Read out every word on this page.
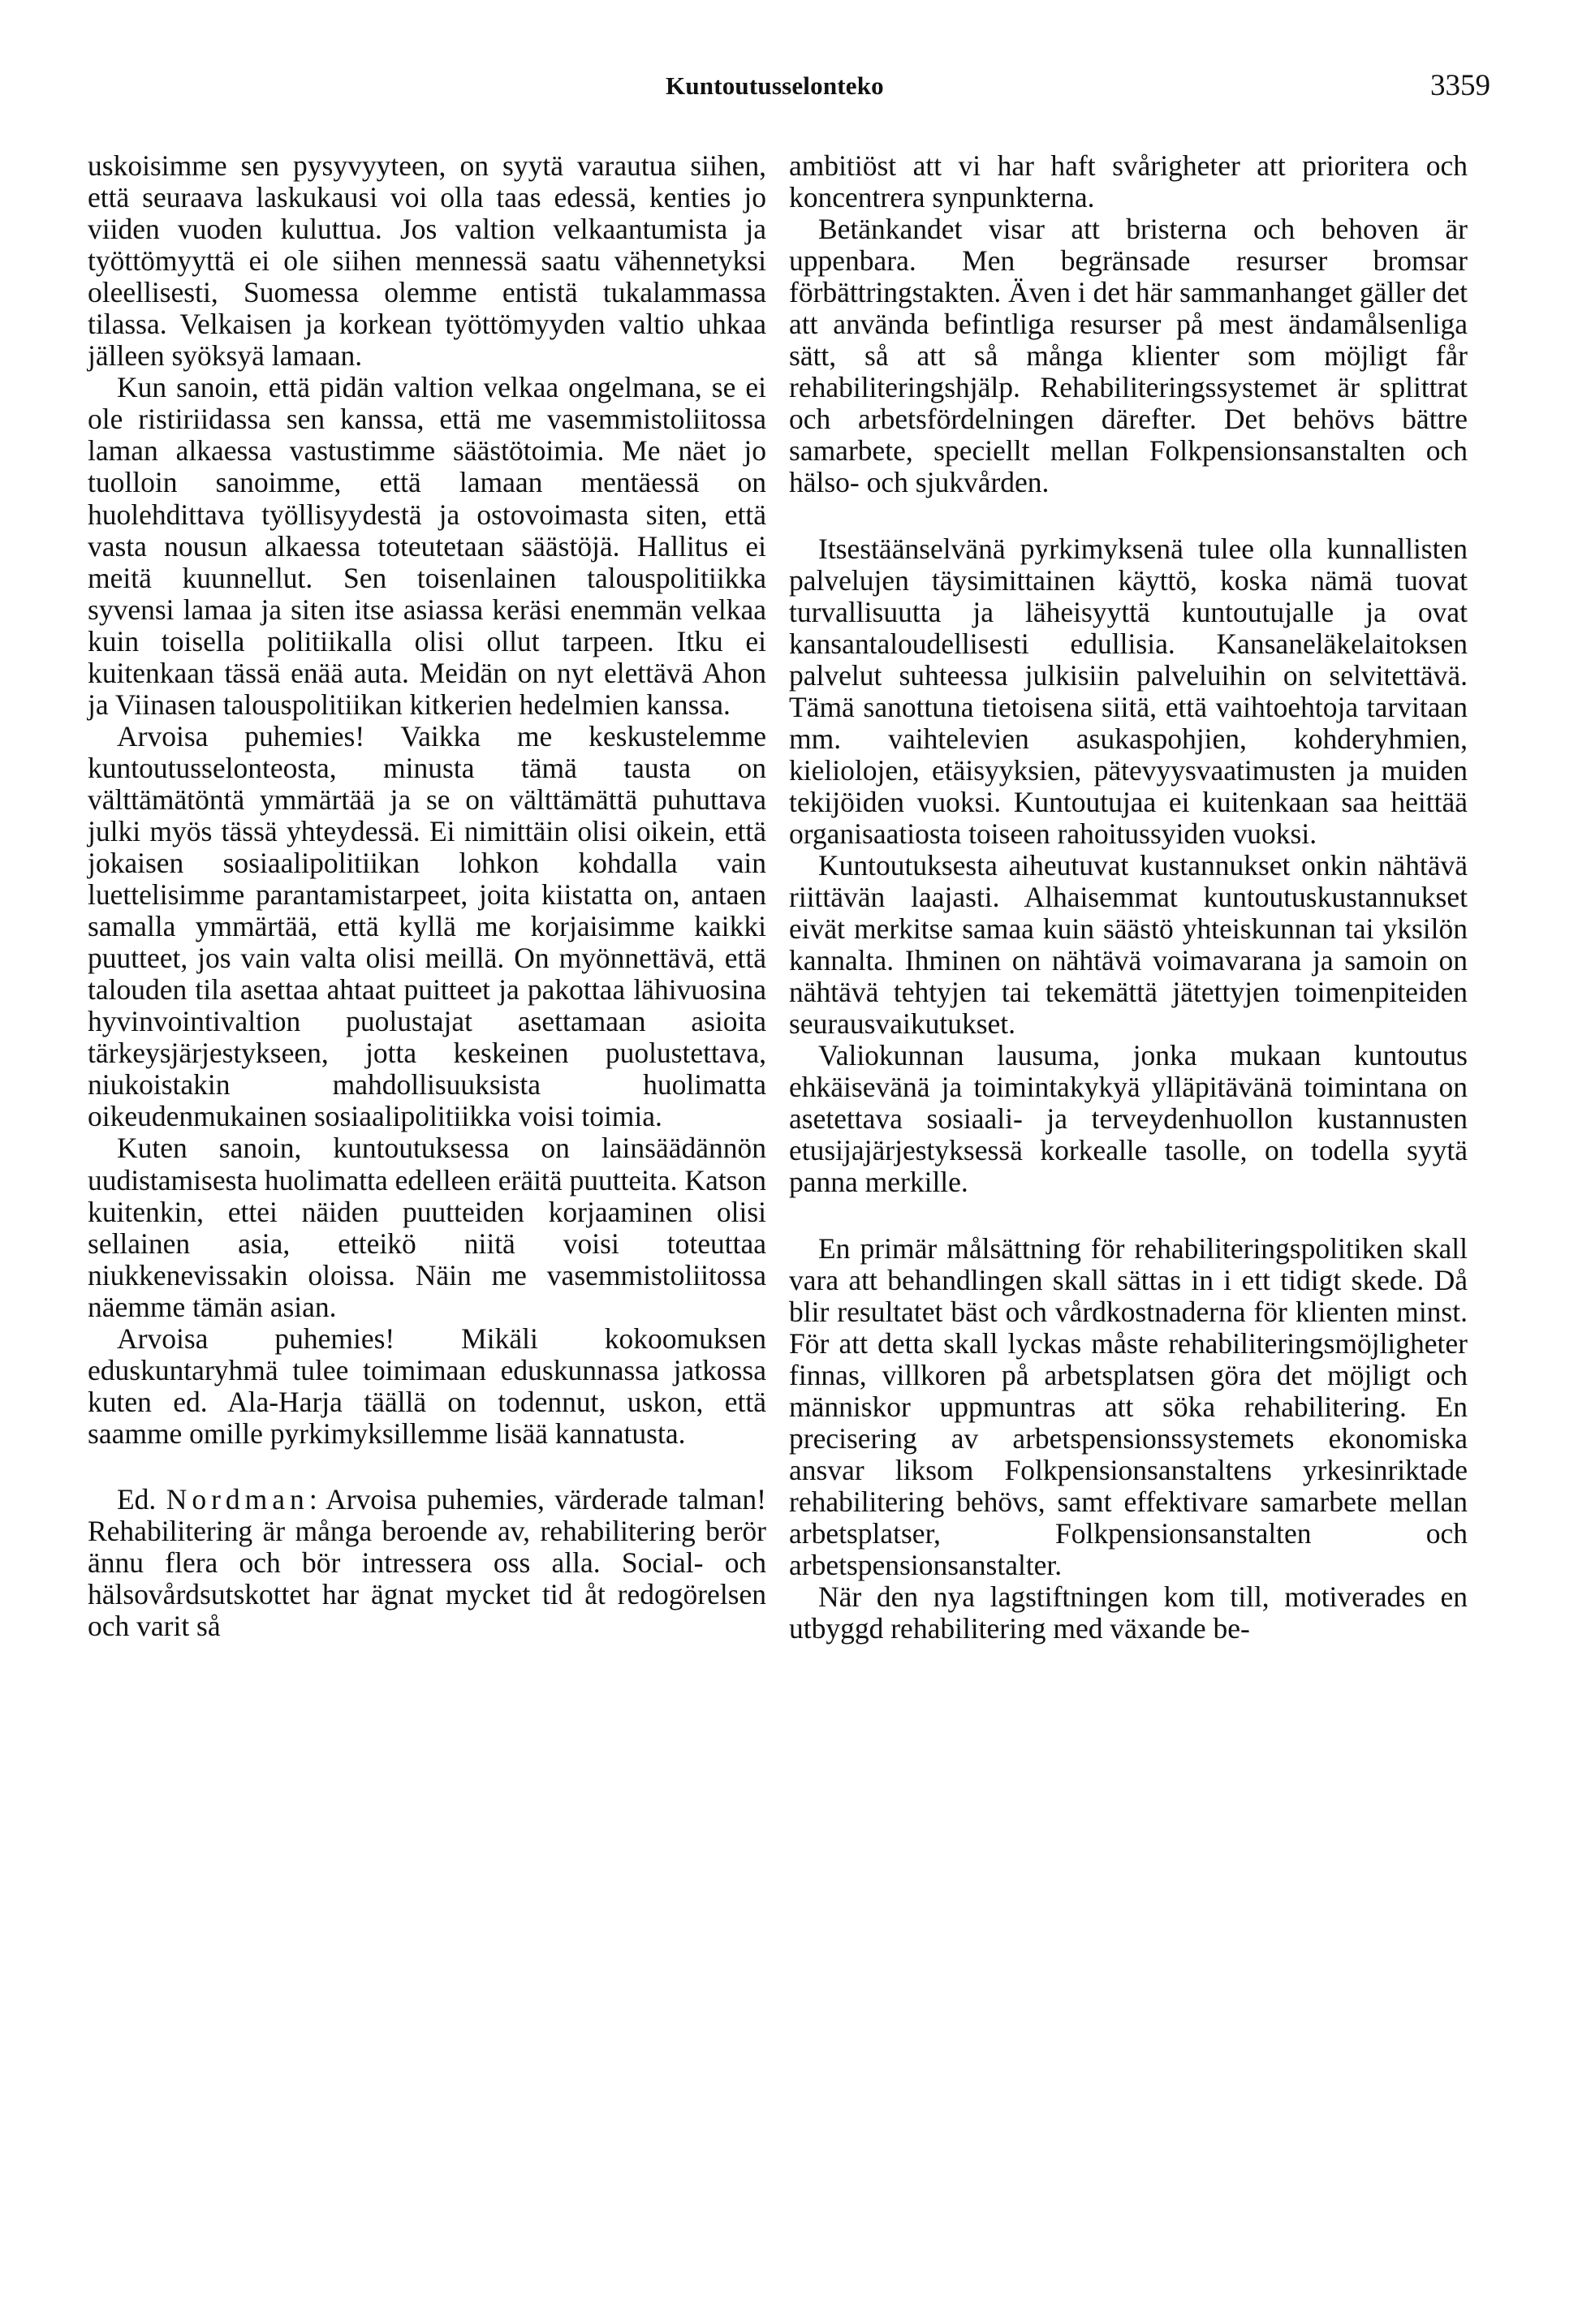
Kuntoutusselonteko	3359

uskoisimme sen pysyvyyteen, on syytä varautua siihen, että seuraava laskukausi voi olla taas edessä, kenties jo viiden vuoden kuluttua. Jos valtion velkaantumista ja työttömyyttä ei ole siihen mennessä saatu vähennetyksi oleellisesti, Suomessa olemme entistä tukalammassa tilassa. Velkaisen ja korkean työttömyyden valtio uhkaa jälleen syöksyä lamaan.

Kun sanoin, että pidän valtion velkaa ongelmana, se ei ole ristiriidassa sen kanssa, että me vasemmistoliitossa laman alkaessa vastustimme säästötoimia. Me näet jo tuolloin sanoimme, että lamaan mentäessä on huolehdittava työllisyydestä ja ostovoimasta siten, että vasta nousun alkaessa toteutetaan säästöjä. Hallitus ei meitä kuunnellut. Sen toisenlainen talouspolitiikka syvensi lamaa ja siten itse asiassa keräsi enemmän velkaa kuin toisella politiikalla olisi ollut tarpeen. Itku ei kuitenkaan tässä enää auta. Meidän on nyt elettävä Ahon ja Viinasen talouspolitiikan kitkerien hedelmien kanssa.

Arvoisa puhemies! Vaikka me keskustelemme kuntoutusselonteosta, minusta tämä tausta on välttämätöntä ymmärtää ja se on välttämättä puhuttava julki myös tässä yhteydessä. Ei nimittäin olisi oikein, että jokaisen sosiaalipolitiikan lohkon kohdalla vain luettelisimme parantamistarpeet, joita kiistatta on, antaen samalla ymmärtää, että kyllä me korjaisimme kaikki puutteet, jos vain valta olisi meillä. On myönnettävä, että talouden tila asettaa ahtaat puitteet ja pakottaa lähivuosina hyvinvointivaltion puolustajat asettamaan asioita tärkeysjärjestykseen, jotta keskeinen puolustettava, niukoistakin mahdollisuuksista huolimatta oikeudenmukainen sosiaalipolitiikka voisi toimia.

Kuten sanoin, kuntoutuksessa on lainsäädännön uudistamisesta huolimatta edelleen eräitä puutteita. Katson kuitenkin, ettei näiden puutteiden korjaaminen olisi sellainen asia, etteikö niitä voisi toteuttaa niukkenevissakin oloissa. Näin me vasemmistoliitossa näemme tämän asian.

Arvoisa puhemies! Mikäli kokoomuksen eduskuntaryhmä tulee toimimaan eduskunnassa jatkossa kuten ed. Ala-Harja täällä on todennut, uskon, että saamme omille pyrkimyksillemme lisää kannatusta.

Ed. Nordman: Arvoisa puhemies, värderade talman! Rehabilitering är många beroende av, rehabilitering berör ännu flera och bör intressera oss alla. Social- och hälsovårdsutskottet har ägnat mycket tid åt redogörelsen och varit så

ambitiöst att vi har haft svårigheter att prioritera och koncentrera synpunkterna.

Betänkandet visar att bristerna och behoven är uppenbara. Men begränsade resurser bromsar förbättringstakten. Även i det här sammanhanget gäller det att använda befintliga resurser på mest ändamålsenliga sätt, så att så många klienter som möjligt får rehabiliteringshjälp. Rehabiliteringssystemet är splittrat och arbetsfördelningen därefter. Det behövs bättre samarbete, speciellt mellan Folkpensionsanstalten och hälso- och sjukvården.

Itsestäänselvänä pyrkimyksenä tulee olla kunnallisten palvelujen täysimittainen käyttö, koska nämä tuovat turvallisuutta ja läheisyyttä kuntoutujalle ja ovat kansantaloudellisesti edullisia. Kansaneläkelaitoksen palvelut suhteessa julkisiin palveluihin on selvitettävä. Tämä sanottuna tietoisena siitä, että vaihtoehtoja tarvitaan mm. vaihtelevien asukaspohjien, kohderyhmien, kieliolojen, etäisyyksien, pätevyysvaatimusten ja muiden tekijöiden vuoksi. Kuntoutujaa ei kuitenkaan saa heittää organisaatiosta toiseen rahoitussyiden vuoksi.

Kuntoutuksesta aiheutuvat kustannukset onkin nähtävä riittävän laajasti. Alhaisemmat kuntoutuskustannukset eivät merkitse samaa kuin säästö yhteiskunnan tai yksilön kannalta. Ihminen on nähtävä voimavarana ja samoin on nähtävä tehtyjen tai tekemättä jätettyjen toimenpiteiden seurausvaikutukset.

Valiokunnan lausuma, jonka mukaan kuntoutus ehkäisevänä ja toimintakykyä ylläpitävänä toimintana on asetettava sosiaali- ja terveydenhuollon kustannusten etusijajärjestyksessä korkealle tasolle, on todella syytä panna merkille.

En primär målsättning för rehabiliteringspolitiken skall vara att behandlingen skall sättas in i ett tidigt skede. Då blir resultatet bäst och vårdkostnaderna för klienten minst. För att detta skall lyckas måste rehabiliteringsmöjligheter finnas, villkoren på arbetsplatsen göra det möjligt och människor uppmuntras att söka rehabilitering. En precisering av arbetspensionssystemets ekonomiska ansvar liksom Folkpensionsanstaltens yrkesinriktade rehabilitering behövs, samt effektivare samarbete mellan arbetsplatser, Folkpensionsanstalten och arbetspensionsanstalter.

När den nya lagstiftningen kom till, motiverades en utbyggd rehabilitering med växande be-
